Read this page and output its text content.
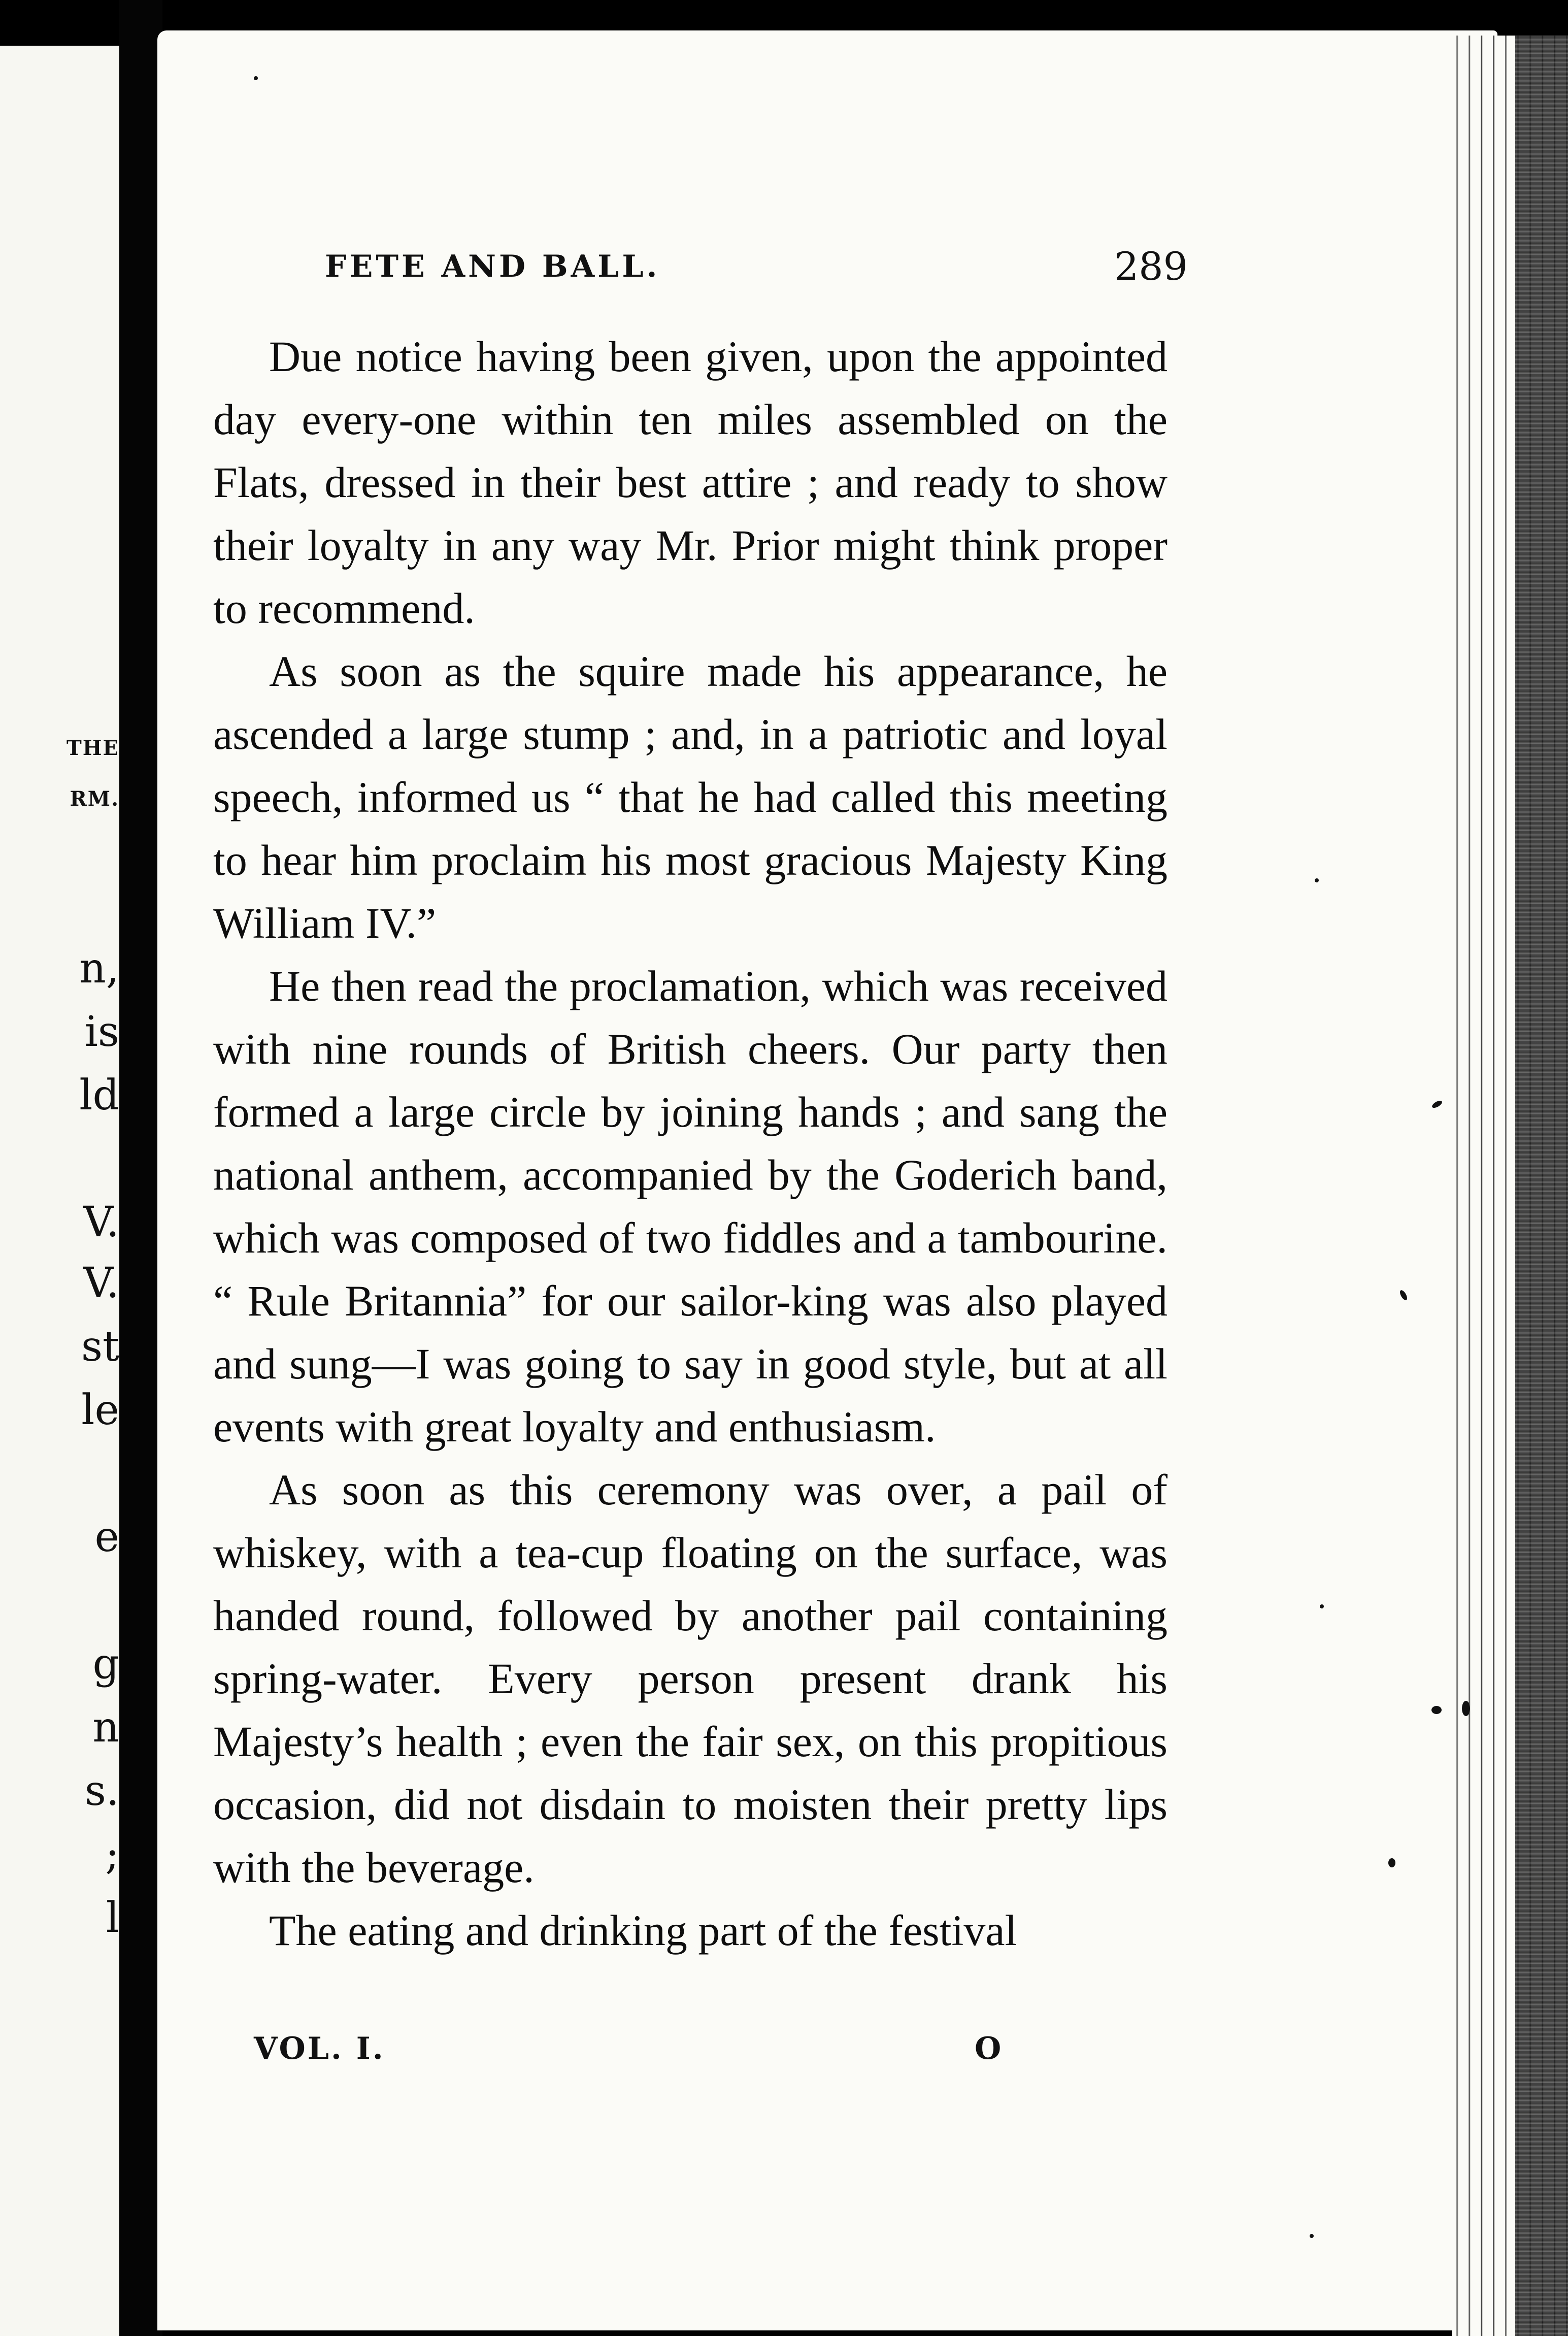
THE
RM.
n,
is
ld
V.
V.
st
le
e
g
n
s.
;
l
FETE AND BALL.	289

Due notice having been given, upon the appointed day every-one within ten miles assembled on the Flats, dressed in their best attire ; and ready to show their loyalty in any way Mr. Prior might think proper to recommend.

As soon as the squire made his appearance, he ascended a large stump ; and, in a patriotic and loyal speech, informed us “ that he had called this meeting to hear him proclaim his most gracious Majesty King William IV.”

He then read the proclamation, which was received with nine rounds of British cheers. Our party then formed a large circle by joining hands ; and sang the national anthem, accompanied by the Goderich band, which was composed of two fiddles and a tambourine. “ Rule Britannia” for our sailor-king was also played and sung—I was going to say in good style, but at all events with great loyalty and enthusiasm.

As soon as this ceremony was over, a pail of whiskey, with a tea-cup floating on the surface, was handed round, followed by another pail containing spring-water. Every person present drank his Majesty’s health ; even the fair sex, on this propitious occasion, did not disdain to moisten their pretty lips with the beverage.

The eating and drinking part of the festival

VOL. I.	O
